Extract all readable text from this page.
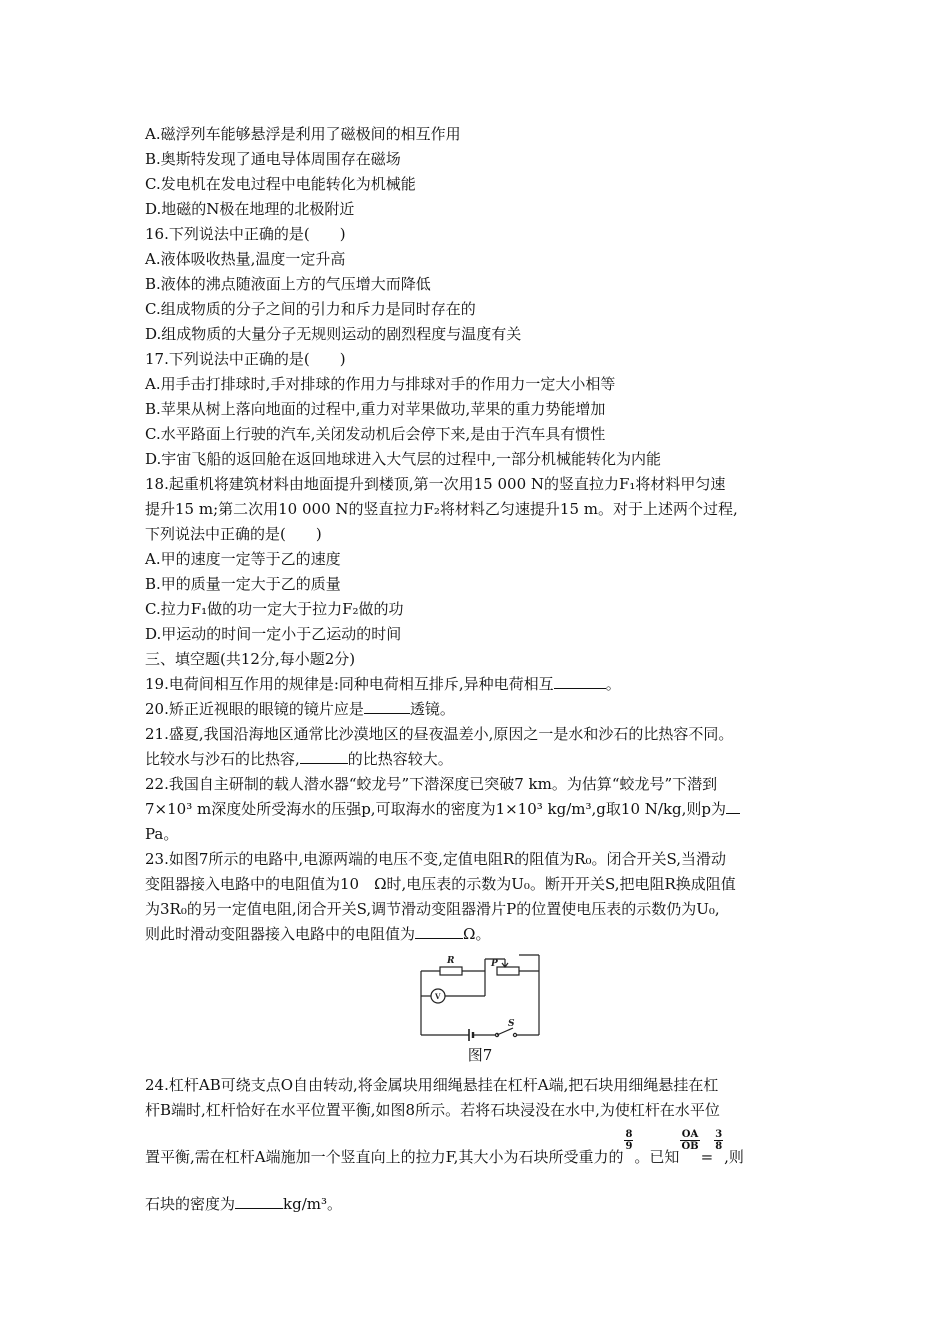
A.磁浮列车能够悬浮是利用了磁极间的相互作用
B.奥斯特发现了通电导体周围存在磁场
C.发电机在发电过程中电能转化为机械能
D.地磁的N极在地理的北极附近
16.下列说法中正确的是(　　)
A.液体吸收热量,温度一定升高
B.液体的沸点随液面上方的气压增大而降低
C.组成物质的分子之间的引力和斥力是同时存在的
D.组成物质的大量分子无规则运动的剧烈程度与温度有关
17.下列说法中正确的是(　　)
A.用手击打排球时,手对排球的作用力与排球对手的作用力一定大小相等
B.苹果从树上落向地面的过程中,重力对苹果做功,苹果的重力势能增加
C.水平路面上行驶的汽车,关闭发动机后会停下来,是由于汽车具有惯性
D.宇宙飞船的返回舱在返回地球进入大气层的过程中,一部分机械能转化为内能
18.起重机将建筑材料由地面提升到楼顶,第一次用15 000 N的竖直拉力F₁将材料甲匀速
提升15 m;第二次用10 000 N的竖直拉力F₂将材料乙匀速提升15 m。对于上述两个过程,
下列说法中正确的是(　　)
A.甲的速度一定等于乙的速度
B.甲的质量一定大于乙的质量
C.拉力F₁做的功一定大于拉力F₂做的功
D.甲运动的时间一定小于乙运动的时间
三、填空题(共12分,每小题2分)
19.电荷间相互作用的规律是:同种电荷相互排斥,异种电荷相互	。
20.矫正近视眼的眼镜的镜片应是	透镜。
21.盛夏,我国沿海地区通常比沙漠地区的昼夜温差小,原因之一是水和沙石的比热容不同。
比较水与沙石的比热容,	的比热容较大。
22.我国自主研制的载人潜水器“蛟龙号”下潜深度已突破7 km。为估算“蛟龙号”下潜到
7×10³ m深度处所受海水的压强p,可取海水的密度为1×10³ kg/m³,g取10 N/kg,则p为
Pa。
23.如图7所示的电路中,电源两端的电压不变,定值电阻R的阻值为R₀。闭合开关S,当滑动
变阻器接入电路中的电阻值为10　Ω时,电压表的示数为U₀。断开开关S,把电阻R换成阻值
为3R₀的另一定值电阻,闭合开关S,调节滑动变阻器滑片P的位置使电压表的示数仍为U₀,
则此时滑动变阻器接入电路中的电阻值为	Ω。
R	P
V
S
图7
24.杠杆AB可绕支点O自由转动,将金属块用细绳悬挂在杠杆A端,把石块用细绳悬挂在杠
杆B端时,杠杆恰好在水平位置平衡,如图8所示。若将石块浸没在水中,为使杠杆在水平位
置平衡,需在杠杆A端施加一个竖直向上的拉力F,其大小为石块所受重力的
$\frac{8}{9}$
。已知
$\frac{OA}{OB}$
=
$\frac{3}{8}$
,则
石块的密度为	kg/m³。
